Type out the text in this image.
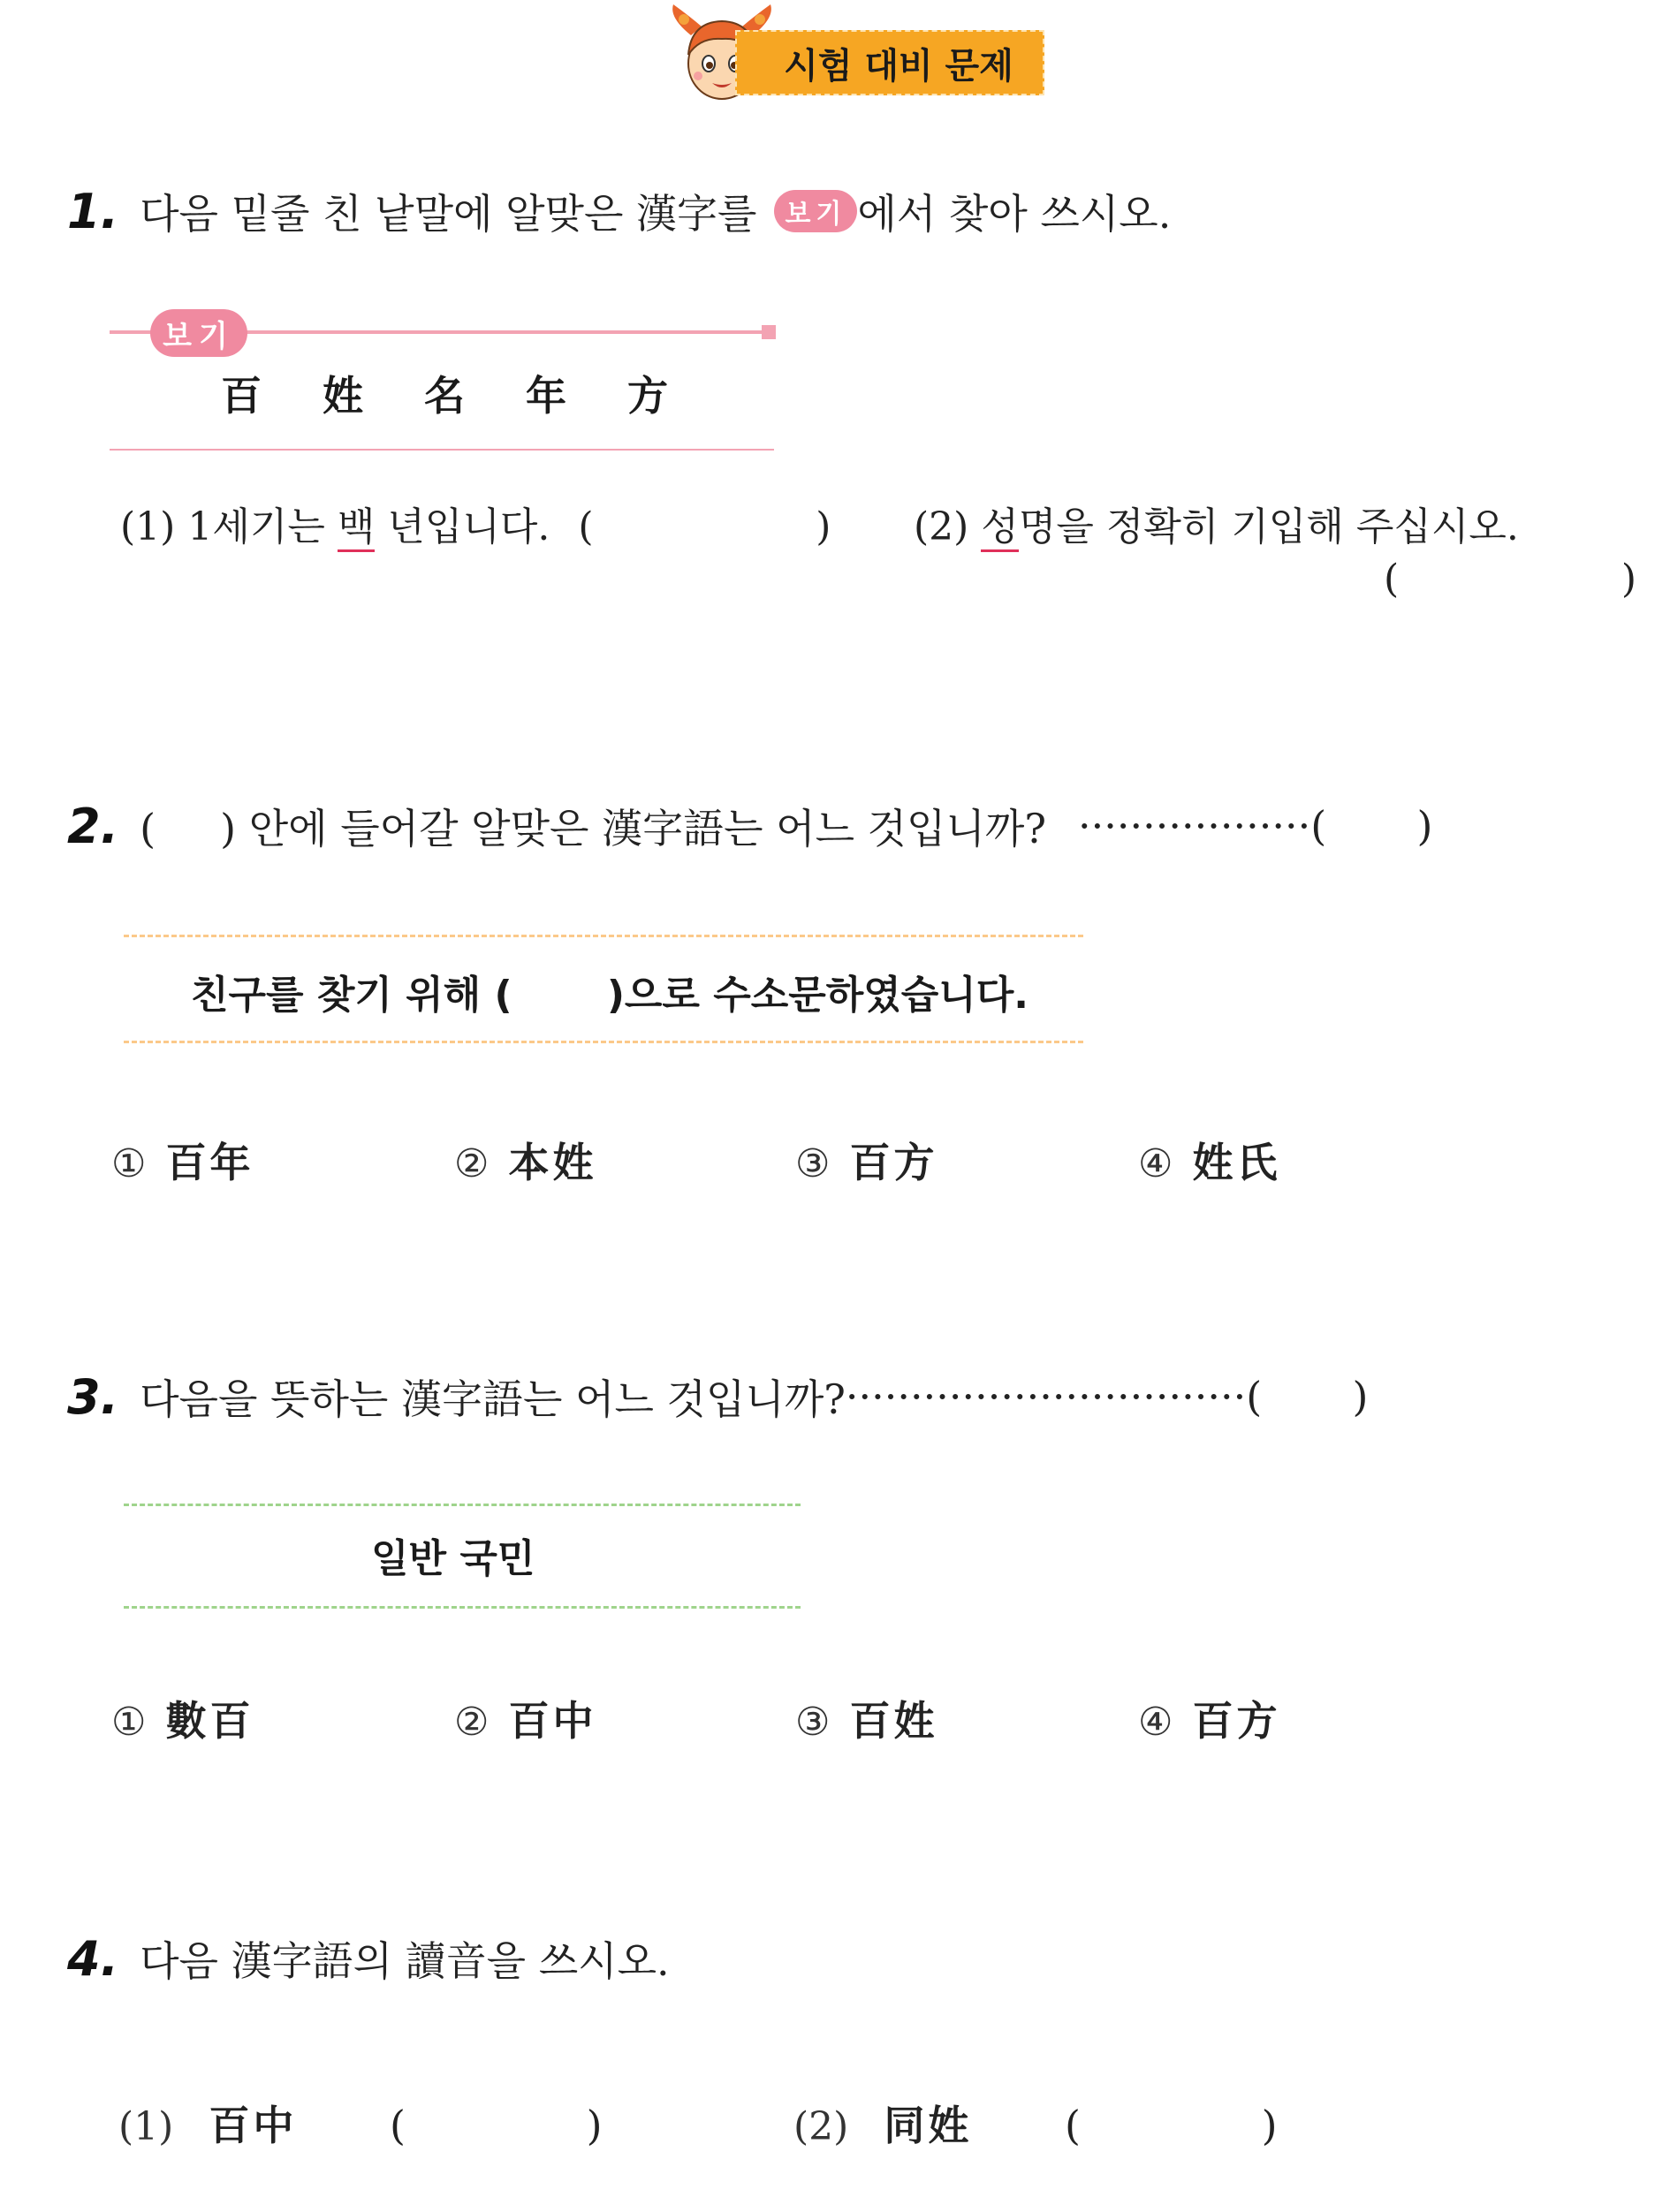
시험 대비 문제
1. 다음 밑줄 친 낱말에 알맞은 漢字를	보기 에서 찾아 쓰시오.
보기
百	姓	名	年	方
(1) 1세기는 백 년입니다. (                  ) (2) 성명을 정확히 기입해 주십시오.
(                  )
2. (     ) 안에 들어갈 알맞은 漢字語는 어느 것입니까? ··················(       )
친구를 찾기 위해 (       )으로 수소문하였습니다.
① 百年	② 本姓	③ 百方	④ 姓氏
3. 다음을 뜻하는 漢字語는 어느 것입니까? ·······························(       )
일반 국민
① 數百	② 百中	③ 百姓	④ 百方
4. 다음 漢字語의 讀音을 쓰시오.
(1) 百中 (              )	(2) 同姓 (              )
